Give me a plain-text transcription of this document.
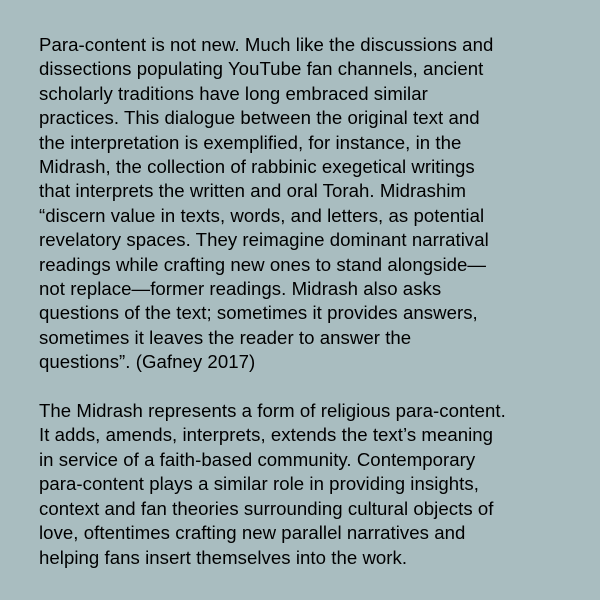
Para-content is not new. Much like the discussions and
dissections populating YouTube fan channels, ancient
scholarly traditions have long embraced similar
practices. This dialogue between the original text and
the interpretation is exemplified, for instance, in the
Midrash, the collection of rabbinic exegetical writings
that interprets the written and oral Torah. Midrashim
“discern value in texts, words, and letters, as potential
revelatory spaces. They reimagine dominant narratival
readings while crafting new ones to stand alongside—
not replace—former readings. Midrash also asks
questions of the text; sometimes it provides answers,
sometimes it leaves the reader to answer the
questions”. (Gafney 2017)

The Midrash represents a form of religious para-content.
It adds, amends, interprets, extends the text’s meaning
in service of a faith-based community. Contemporary
para-content plays a similar role in providing insights,
context and fan theories surrounding cultural objects of
love, oftentimes crafting new parallel narratives and
helping fans insert themselves into the work.
